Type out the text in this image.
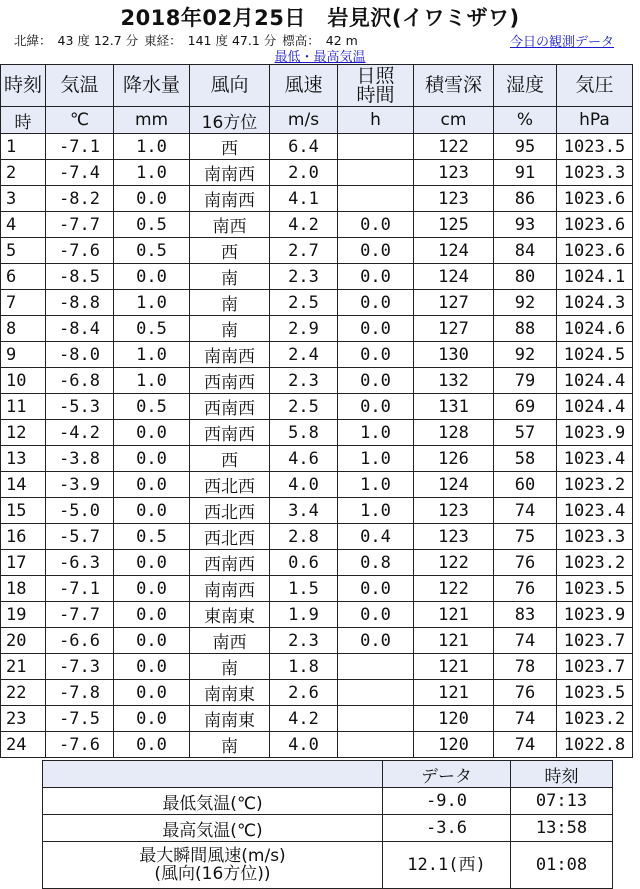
2018年02月25日　岩見沢(イワミザワ)
北緯： 43 度 12.7 分 東経： 141 度 47.1 分 標高： 42 m	今日の観測データ
最低・最高気温
時刻	気温	降水量	風向	風速	日照時間	積雪深	湿度	気圧
時	℃	mm	16方位	m/s	h	cm	%	hPa
1	-7.1	1.0	西	6.4		122	95	1023.5
2	-7.4	1.0	南南西	2.0		123	91	1023.3
3	-8.2	0.0	南南西	4.1		123	86	1023.6
4	-7.7	0.5	南西	4.2	0.0	125	93	1023.6
5	-7.6	0.5	西	2.7	0.0	124	84	1023.6
6	-8.5	0.0	南	2.3	0.0	124	80	1024.1
7	-8.8	1.0	南	2.5	0.0	127	92	1024.3
8	-8.4	0.5	南	2.9	0.0	127	88	1024.6
9	-8.0	1.0	南南西	2.4	0.0	130	92	1024.5
10	-6.8	1.0	西南西	2.3	0.0	132	79	1024.4
11	-5.3	0.5	西南西	2.5	0.0	131	69	1024.4
12	-4.2	0.0	西南西	5.8	1.0	128	57	1023.9
13	-3.8	0.0	西	4.6	1.0	126	58	1023.4
14	-3.9	0.0	西北西	4.0	1.0	124	60	1023.2
15	-5.0	0.0	西北西	3.4	1.0	123	74	1023.4
16	-5.7	0.5	西北西	2.8	0.4	123	75	1023.3
17	-6.3	0.0	西南西	0.6	0.8	122	76	1023.2
18	-7.1	0.0	南南西	1.5	0.0	122	76	1023.5
19	-7.7	0.0	東南東	1.9	0.0	121	83	1023.9
20	-6.6	0.0	南西	2.3	0.0	121	74	1023.7
21	-7.3	0.0	南	1.8		121	78	1023.7
22	-7.8	0.0	南南東	2.6		121	76	1023.5
23	-7.5	0.0	南南東	4.2		120	74	1023.2
24	-7.6	0.0	南	4.0		120	74	1022.8
	データ	時刻

最低気温(℃)	-9.0	07:13

最高気温(℃)	-3.6	13:58

最大瞬間風速(m/s)
(風向(16方位))	12.1(西)	01:08
